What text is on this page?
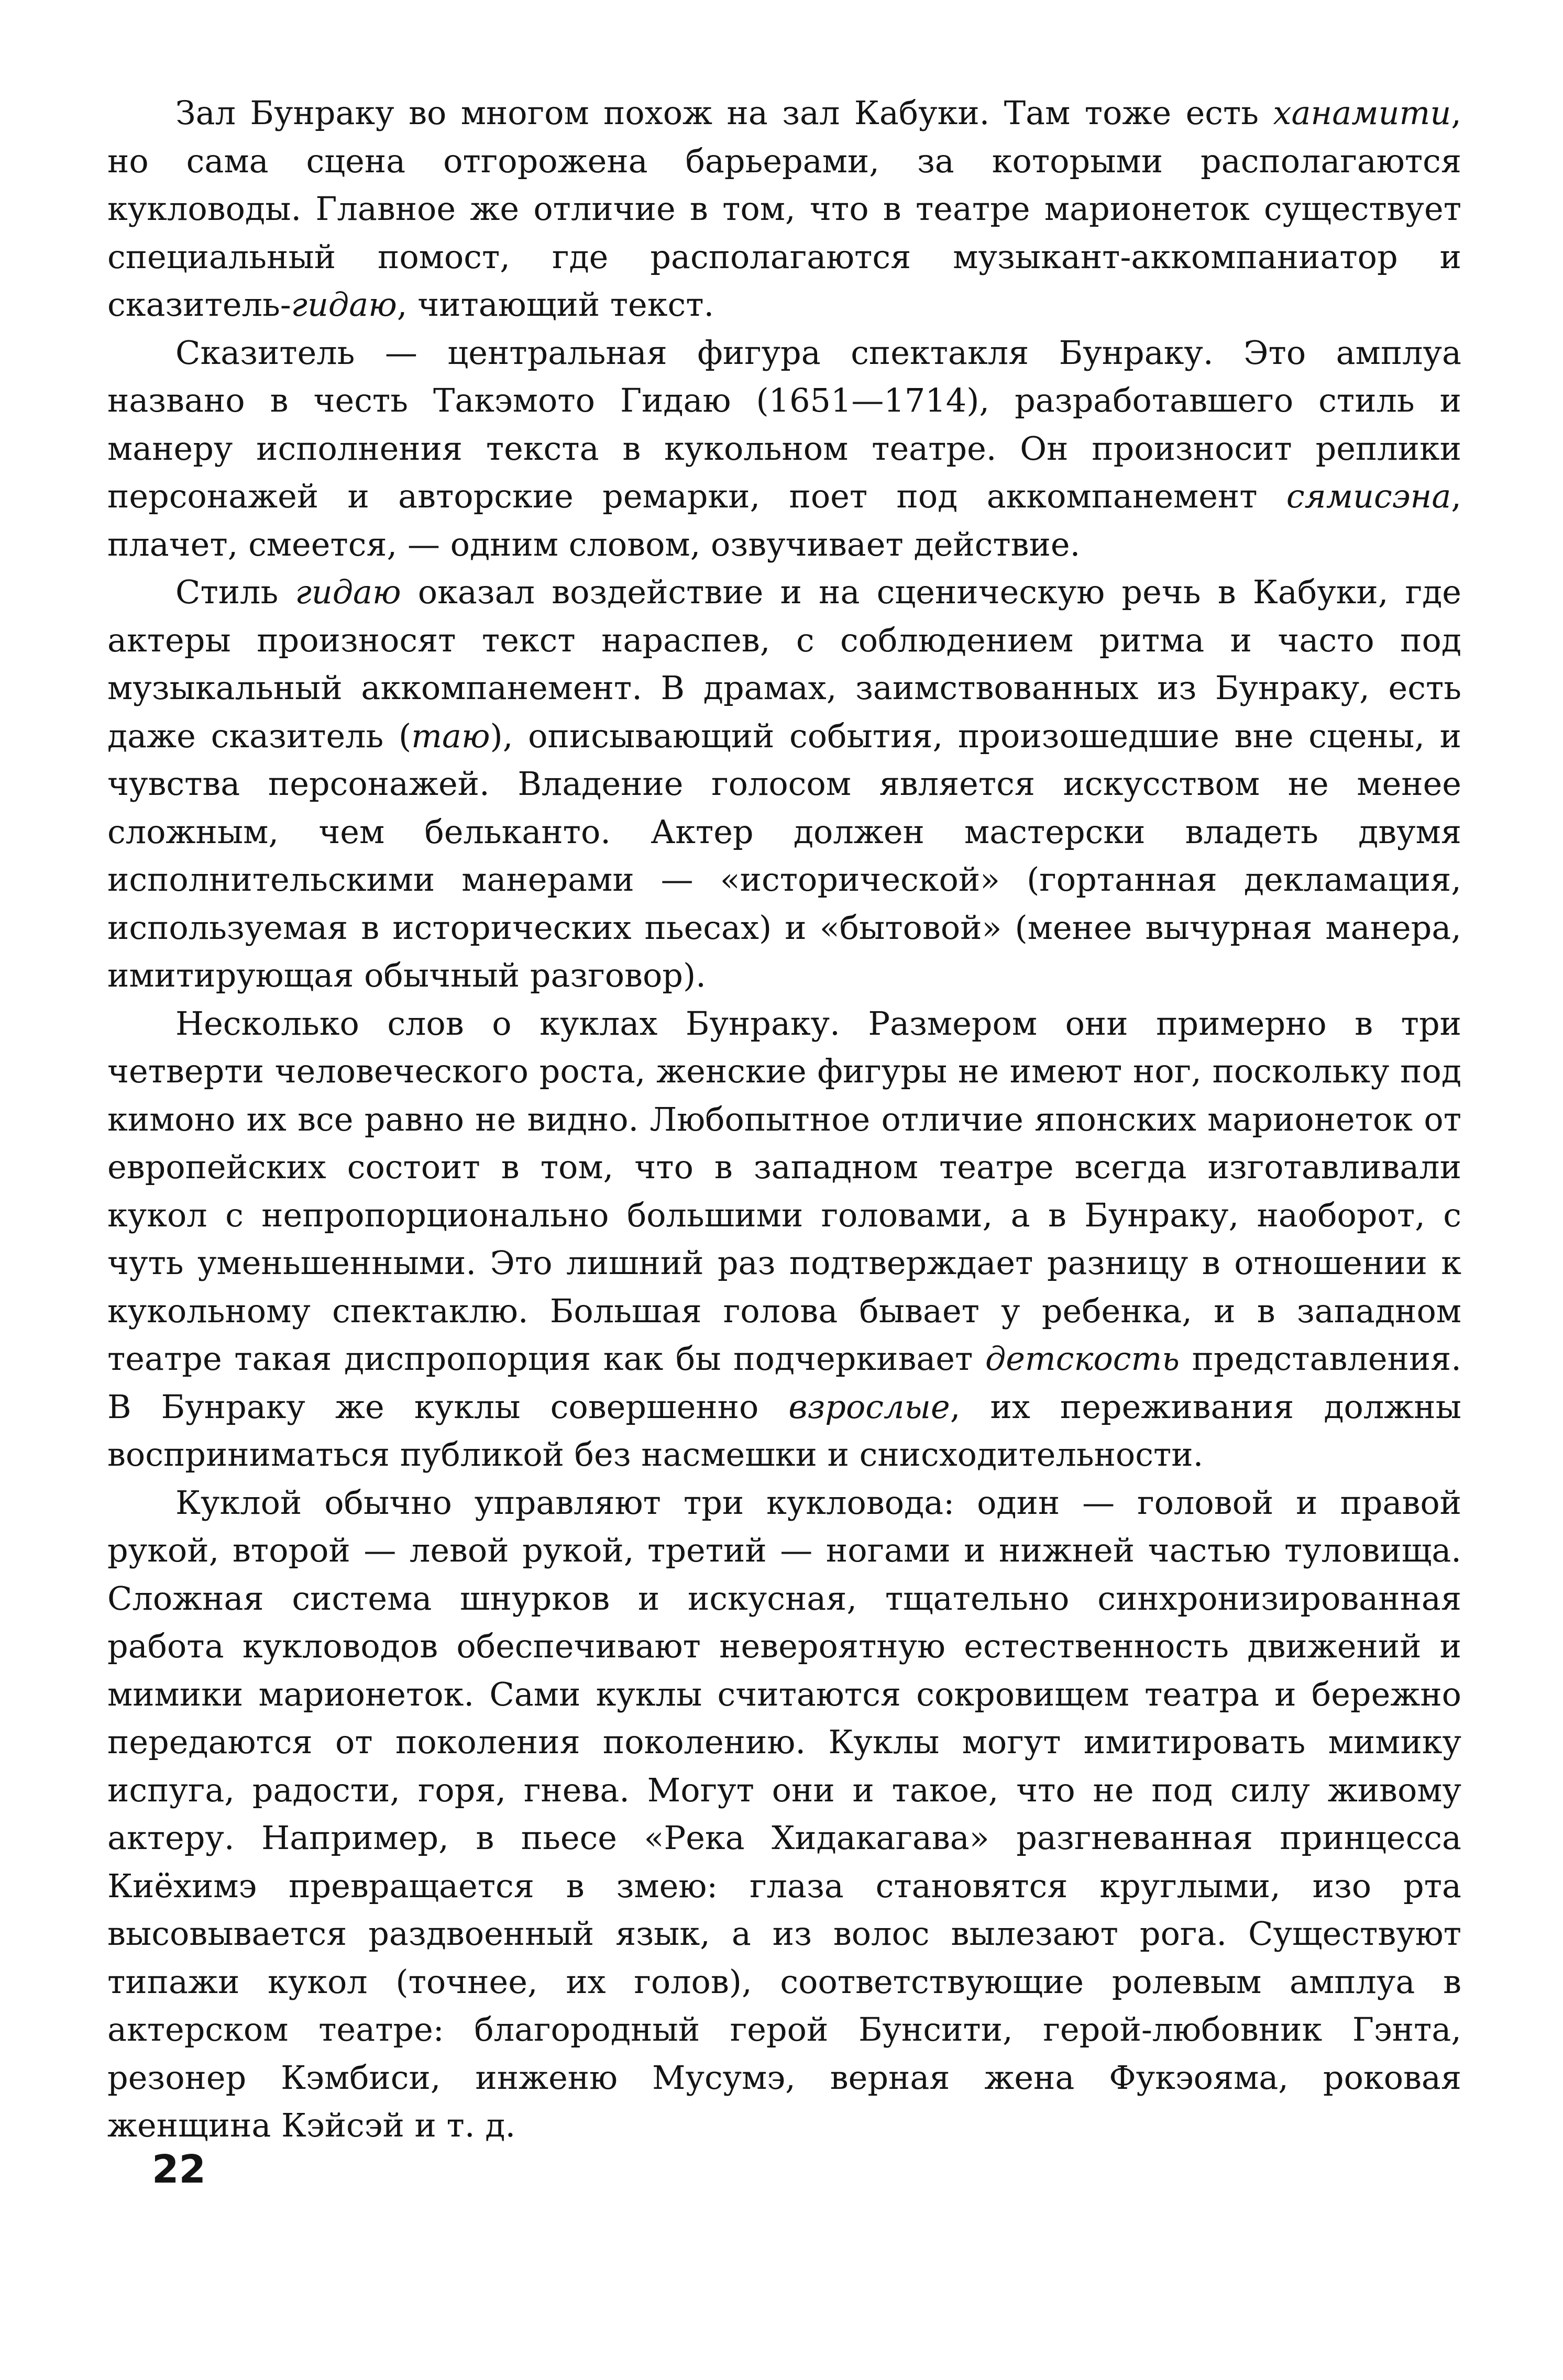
Зал Бунраку во многом похож на зал Кабуки. Там тоже есть ханамити, но сама сцена отгорожена барьерами, за которыми располагаются кукловоды. Главное же отличие в том, что в театре марионеток существует специальный помост, где располагаются музыкант-аккомпаниатор и сказитель-гидаю, читающий текст.

Сказитель — центральная фигура спектакля Бунраку. Это амплуа названо в честь Такэмото Гидаю (1651—1714), разработавшего стиль и манеру исполнения текста в кукольном театре. Он произносит реплики персонажей и авторские ремарки, поет под аккомпанемент сямисэна, плачет, смеется, — одним словом, озвучивает действие.

Стиль гидаю оказал воздействие и на сценическую речь в Кабуки, где актеры произносят текст нараспев, с соблюдением ритма и часто под музыкальный аккомпанемент. В драмах, заимствованных из Бунраку, есть даже сказитель (таю), описывающий события, произошедшие вне сцены, и чувства персонажей. Владение голосом является искусством не менее сложным, чем бельканто. Актер должен мастерски владеть двумя исполнительскими манерами — «исторической» (гортанная декламация, используемая в исторических пьесах) и «бытовой» (менее вычурная манера, имитирующая обычный разговор).

Несколько слов о куклах Бунраку. Размером они примерно в три четверти человеческого роста, женские фигуры не имеют ног, поскольку под кимоно их все равно не видно. Любопытное отличие японских марионеток от европейских состоит в том, что в западном театре всегда изготавливали кукол с непропорционально большими головами, а в Бунраку, наоборот, с чуть уменьшенными. Это лишний раз подтверждает разницу в отношении к кукольному спектаклю. Большая голова бывает у ребенка, и в западном театре такая диспропорция как бы подчеркивает детскость представления. В Бунраку же куклы совершенно взрослые, их переживания должны восприниматься публикой без насмешки и снисходительности.

Куклой обычно управляют три кукловода: один — головой и правой рукой, второй — левой рукой, третий — ногами и нижней частью туловища. Сложная система шнурков и искусная, тщательно синхронизированная работа кукловодов обеспечивают невероятную естественность движений и мимики марионеток. Сами куклы считаются сокровищем театра и бережно передаются от поколения поколению. Куклы могут имитировать мимику испуга, радости, горя, гнева. Могут они и такое, что не под силу живому актеру. Например, в пьесе «Река Хидакагава» разгневанная принцесса Киёхимэ превращается в змею: глаза становятся круглыми, изо рта высовывается раздвоенный язык, а из волос вылезают рога. Существуют типажи кукол (точнее, их голов), соответствующие ролевым амплуа в актерском театре: благородный герой Бунсити, герой-любовник Гэнта, резонер Кэмбиси, инженю Мусумэ, верная жена Фукэояма, роковая женщина Кэйсэй и т. д.

22
